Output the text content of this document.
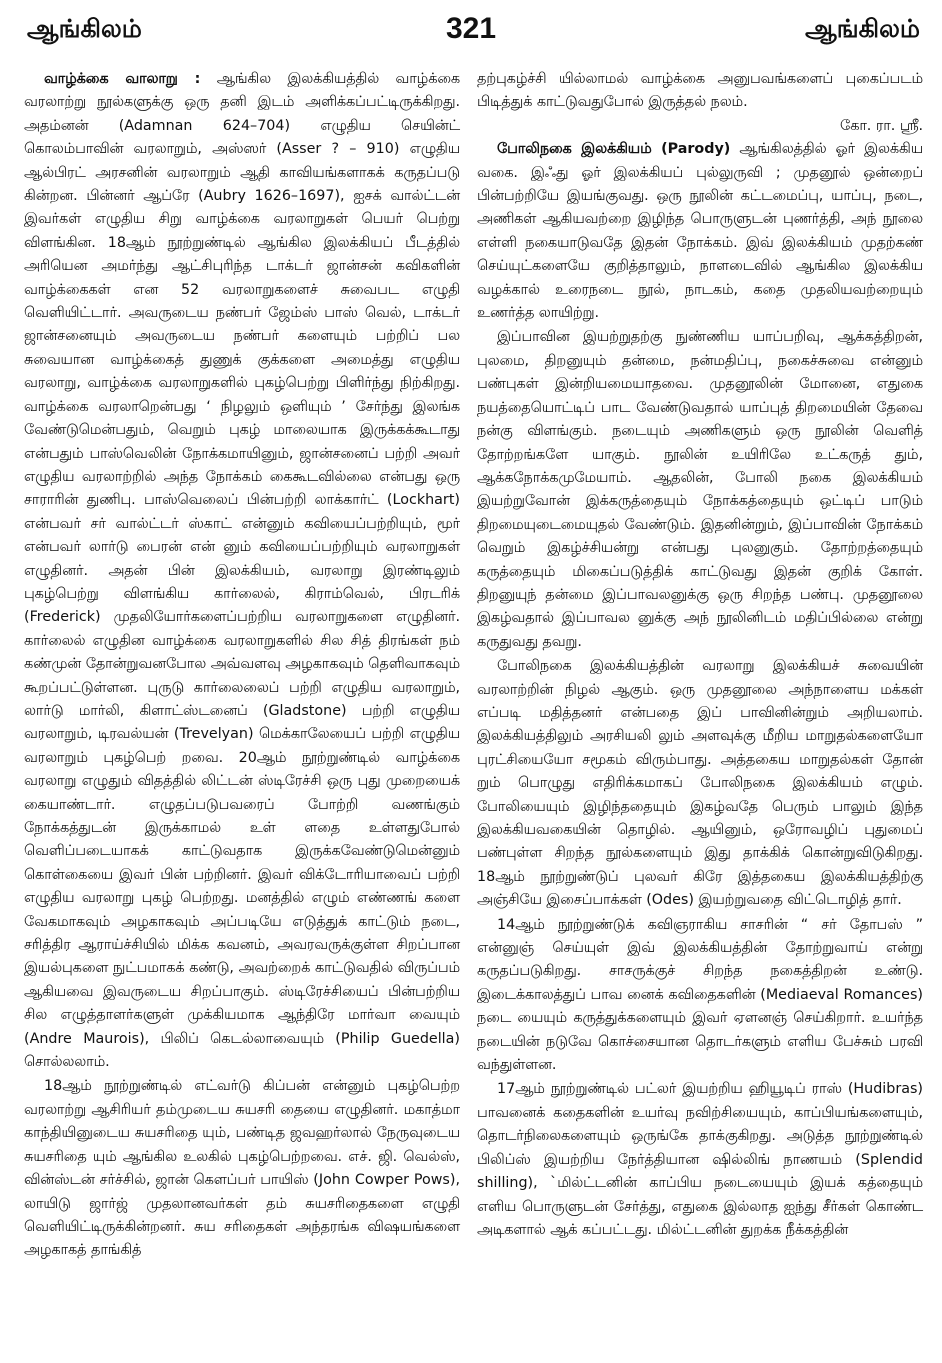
ஆங்கிலம்	321	ஆங்கிலம்

வாழ்க்கை வாலாறு : ஆங்கில இலக்கியத்தில் வாழ்க்கை வரலாற்று நூல்களுக்கு ஒரு தனி இடம் அளிக்கப்பட்டிருக்கிறது. அதம்னன் (Adamnan 624–704) எழுதிய செயின்ட் கொலம்பாவின் வரலாறும், அஸ்ஸர் (Asser ? – 910) எழுதிய ஆல்பிரட் அரசனின் வரலாறும் ஆதி காவியங்களாகக் கருதப்படு கின்றன. பின்னர் ஆப்ரே (Aubry 1626–1697), ஐசக் வால்ட்டன் இவர்கள் எழுதிய சிறு வாழ்க்கை வரலாறுகள் பெயர் பெற்று விளங்கின. 18ஆம் நூற்றுண்டில் ஆங்கில இலக்கியப் பீடத்தில் அரியென அமர்ந்து ஆட்சிபுரிந்த டாக்டர் ஜான்சன் கவிகளின் வாழ்க்கைகள் என 52 வரலாறுகளைச் சுவைபட எழுதி வெளியிட்டார். அவருடைய நண்பர் ஜேம்ஸ் பாஸ் வெல், டாக்டர் ஜான்சனையும் அவருடைய நண்பர் களையும் பற்றிப் பல சுவையான வாழ்க்கைத் துணுக் குக்களை அமைத்து எழுதிய வரலாறு, வாழ்க்கை வரலாறுகளில் புகழ்பெற்று பிளிர்ந்து நிற்கிறது. வாழ்க்கை வரலாறென்பது ‘ நிழலும் ஒளியும் ’ சேர்ந்து இலங்க வேண்டுமென்பதும், வெறும் புகழ் மாலையாக இருக்கக்கூடாது என்பதும் பாஸ்வெலின் நோக்கமாயினும், ஜான்சனைப் பற்றி அவர் எழுதிய வரலாற்றில் அந்த நோக்கம் கைகூடவில்லை என்பது ஒரு சாராரின் துணிபு. பாஸ்வெலைப் பின்பற்றி லாக்கார்ட் (Lockhart) என்பவர் சர் வால்ட்டர் ஸ்காட் என்னும் கவியைப்பற்றியும், மூர் என்பவர் லார்டு பைரன் என் னும் கவியைப்பற்றியும் வரலாறுகள் எழுதினர். அதன் பின் இலக்கியம், வரலாறு இரண்டிலும் புகழ்பெற்று விளங்கிய கார்லைல், கிராம்வெல், பிரடரிக் (Frederick) முதலியோர்களைப்பற்றிய வரலாறுகளை எழுதினர். கார்லைல் எழுதின வாழ்க்கை வரலாறுகளில் சில சித் திரங்கள் நம் கண்முன் தோன்றுவனபோல அவ்வளவு அழகாகவும் தெளிவாகவும் கூறப்பட்டுள்ளன. புருடு கார்லைலைப் பற்றி எழுதிய வரலாறும், லார்டு மார்லி, கிளாட்ஸ்டனைப் (Gladstone) பற்றி எழுதிய வரலாறும், டிரவல்யன் (Trevelyan) மெக்காலேயைப் பற்றி எழுதிய வரலாறும் புகழ்பெற் றவை. 20ஆம் நூற்றுண்டில் வாழ்க்கை வரலாறு எழுதும் விதத்தில் லிட்டன் ஸ்டிரேச்சி ஒரு புது முறையைக் கையாண்டார். எழுதப்படுபவரைப் போற்றி வணங்கும் நோக்கத்துடன் இருக்காமல் உள் ளதை உள்ளதுபோல் வெளிப்படையாகக் காட்டுவதாக இருக்கவேண்டுமென்னும் கொள்கையை இவர் பின் பற்றினர். இவர் விக்டோரியாவைப் பற்றி எழுதிய வரலாறு புகழ் பெற்றது. மனத்தில் எழும் எண்ணங் களை வேகமாகவும் அழகாகவும் அப்படியே எடுத்துக் காட்டும் நடை, சரித்திர ஆராய்ச்சியில் மிக்க கவனம், அவரவருக்குள்ள சிறப்பான இயல்புகளை நுட்பமாகக் கண்டு, அவற்றைக் காட்டுவதில் விருப்பம் ஆகியவை இவருடைய சிறப்பாகும். ஸ்டிரேச்சியைப் பின்பற்றிய சில எழுத்தாளர்களுள் முக்கியமாக ஆந்திரே மார்வா வையும் (Andre Maurois), பிலிப் கெடல்லாவையும் (Philip Guedella) சொல்லலாம்.

18ஆம் நூற்றுண்டில் எட்வர்டு கிப்பன் என்னும் புகழ்பெற்ற வரலாற்று ஆசிரியர் தம்முடைய சுயசரி தையை எழுதினர். மகாத்மா காந்தியினுடைய சுயசரிதை யும், பண்டித ஜவஹர்லால் நேருவுடைய சுயசரிதை யும் ஆங்கில உலகில் புகழ்பெற்றவை. எச். ஜி. வெல்ஸ், வின்ஸ்டன் சர்ச்சில், ஜான் கௌப்பர் பாயிஸ் (John Cowper Pows), லாயிடு ஜார்ஜ் முதலானவர்கள் தம் சுயசரிதைகளை எழுதி வெளியிட்டிருக்கின்றனர். சுய சரிதைகள் அந்தரங்க விஷயங்களை அழகாகத் தாங்கித்

தற்புகழ்ச்சி யில்லாமல் வாழ்க்கை அனுபவங்களைப் புகைப்படம் பிடித்துக் காட்டுவதுபோல் இருத்தல் நலம்.

கோ. ரா. ஸ்ரீ.

போலிநகை இலக்கியம் (Parody) ஆங்கிலத்தில் ஓர் இலக்கிய வகை. இஃது ஓர் இலக்கியப் புல்லுருவி ; முதனூல் ஒன்றைப் பின்பற்றியே இயங்குவது. ஒரு நூலின் கட்டமைப்பு, யாப்பு, நடை, அணிகள் ஆகியவற்றை இழிந்த பொருளுடன் புணர்த்தி, அந் நூலை எள்ளி நகையாடுவதே இதன் நோக்கம். இவ் இலக்கியம் முதற்கண் செய்யுட்களையே குறித்தாலும், நாளடைவில் ஆங்கில இலக்கிய வழக்கால் உரைநடை நூல், நாடகம், கதை முதலியவற்றையும் உணர்த்த லாயிற்று.

இப்பாவின இயற்றுதற்கு நுண்ணிய யாப்பறிவு, ஆக்கத்திறன், புலமை, திறனுயும் தன்மை, நன்மதிப்பு, நகைச்சுவை என்னும் பண்புகள் இன்றியமையாதவை. முதனூலின் மோனை, எதுகை நயத்தையொட்டிப் பாட வேண்டுவதால் யாப்புத் திறமையின் தேவை நன்கு விளங்கும். நடையும் அணிகளும் ஒரு நூலின் வெளித் தோற்றங்களே யாகும். நூலின் உயிரிலே உட்கருத் தும், ஆக்கநோக்கமுமேயாம். ஆதலின், போலி நகை இலக்கியம் இயற்றுவோன் இக்கருத்தையும் நோக்கத்தையும் ஒட்டிப் பாடும் திறமையுடைமையுதல் வேண்டும். இதனின்றும், இப்பாவின் நோக்கம் வெறும் இகழ்ச்சியன்று என்பது புலனுகும். தோற்றத்தையும் கருத்தையும் மிகைப்படுத்திக் காட்டுவது இதன் குறிக் கோள். திறனுயுந் தன்மை இப்பாவலனுக்கு ஒரு சிறந்த பண்பு. முதனூலை இகழ்வதால் இப்பாவல னுக்கு அந் நூலினிடம் மதிப்பில்லை என்று கருதுவது தவறு.

போலிநகை இலக்கியத்தின் வரலாறு இலக்கியச் சுவையின் வரலாற்றின் நிழல் ஆகும். ஒரு முதனூலை அந்நாளைய மக்கள் எப்படி மதித்தனர் என்பதை இப் பாவினின்றும் அறியலாம். இலக்கியத்திலும் அரசியலி லும் அளவுக்கு மீறிய மாறுதல்களையோ புரட்சியையோ சமூகம் விரும்பாது. அத்தகைய மாறுதல்கள் தோன் றும் பொழுது எதிரிக்கமாகப் போலிநகை இலக்கியம் எழும். போலியையும் இழிந்ததையும் இகழ்வதே பெரும் பாலும் இந்த இலக்கியவகையின் தொழில். ஆயினும், ஒரோவழிப் புதுமைப் பண்புள்ள சிறந்த நூல்களையும் இது தாக்கிக் கொன்றுவிடுகிறது. 18ஆம் நூற்றுண்டுப் புலவர் கிரே இத்தகைய இலக்கியத்திற்கு அஞ்சியே இசைப்பாக்கள் (Odes) இயற்றுவதை விட்டொழித் தார்.

14ஆம் நூற்றுண்டுக் கவிஞராகிய சாசரின் “ சர் தோபஸ் ” என்னுஞ் செய்யுள் இவ் இலக்கியத்தின் தோற்றுவாய் என்று கருதப்படுகிறது. சாசருக்குச் சிறந்த நகைத்திறன் உண்டு. இடைக்காலத்துப் பாவ னைக் கவிதைகளின் (Mediaeval Romances) நடை யையும் கருத்துக்களையும் இவர் ஏளனஞ் செய்கிறார். உயர்ந்த நடையின் நடுவே கொச்சையான தொடர்களும் எளிய பேச்சும் பரவி வந்துள்ளன.

17ஆம் நூற்றுண்டில் பட்லர் இயற்றிய ஹியூடிப் ராஸ் (Hudibras) பாவனைக் கதைகளின் உயர்வு நவிற்சியையும், காப்பியங்களையும், தொடர்நிலைகளையும் ஒருங்கே தாக்குகிறது. அடுத்த நூற்றுண்டில் பிலிப்ஸ் இயற்றிய நேர்த்தியான ஷில்லிங் நாணயம் (Splendid shilling), `மில்ட்டனின் காப்பிய நடையையும் இயக் கத்தையும் எளிய பொருளுடன் சேர்த்து, எதுகை இல்லாத ஐந்து சீர்கள் கொண்ட அடிகளால் ஆக் கப்பட்டது. மில்ட்டனின் துறக்க நீக்கத்தின்
